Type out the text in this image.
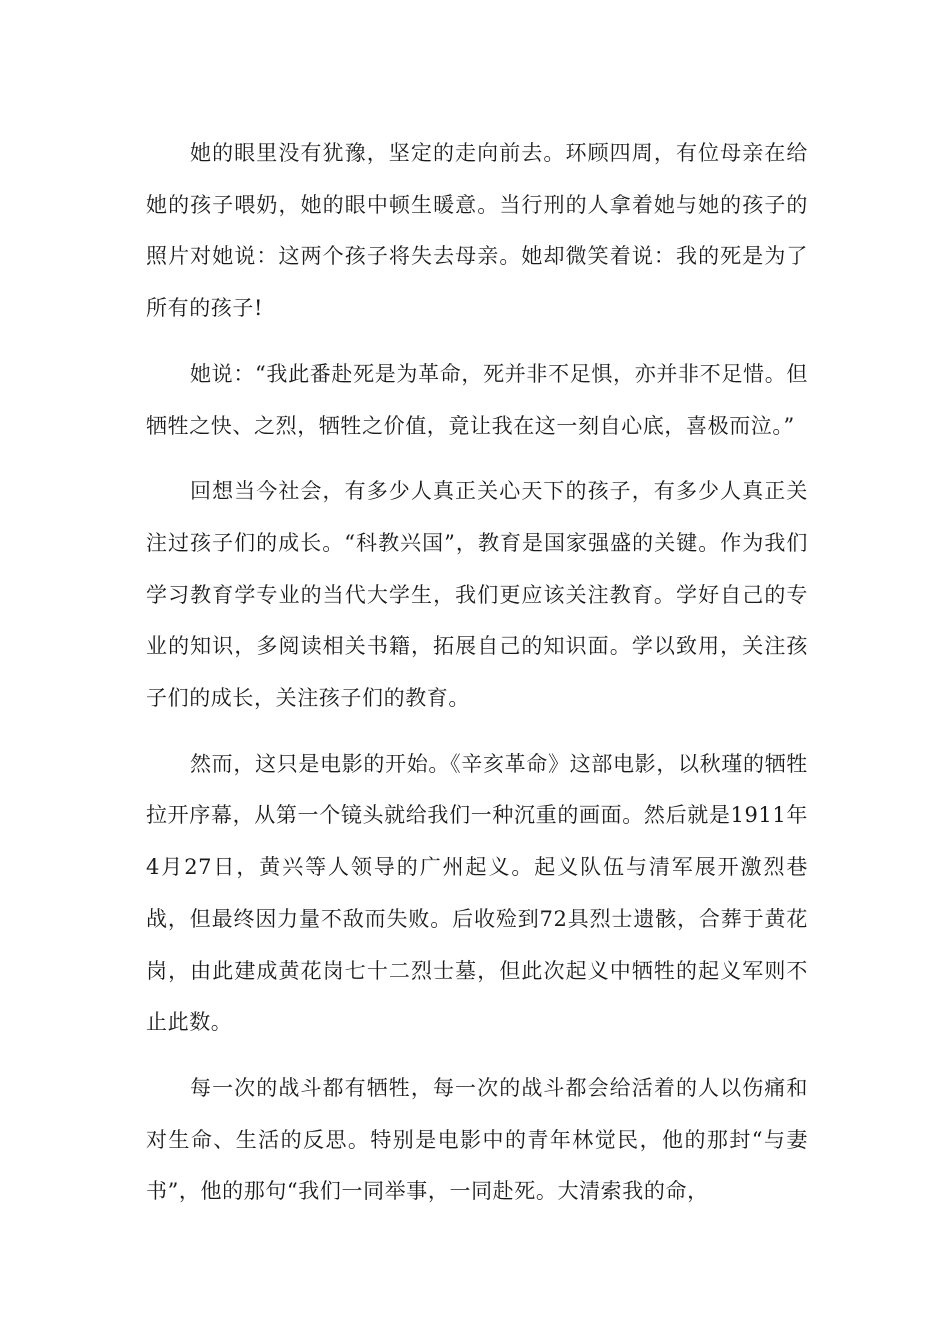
她的眼里没有犹豫，坚定的走向前去。环顾四周，有位母亲在给她的孩子喂奶，她的眼中顿生暖意。当行刑的人拿着她与她的孩子的照片对她说：这两个孩子将失去母亲。她却微笑着说：我的死是为了所有的孩子!

她说：“我此番赴死是为革命，死并非不足惧，亦并非不足惜。但牺牲之快、之烈，牺牲之价值，竟让我在这一刻自心底，喜极而泣。”

回想当今社会，有多少人真正关心天下的孩子，有多少人真正关注过孩子们的成长。“科教兴国”，教育是国家强盛的关键。作为我们学习教育学专业的当代大学生，我们更应该关注教育。学好自己的专业的知识，多阅读相关书籍，拓展自己的知识面。学以致用，关注孩子们的成长，关注孩子们的教育。

然而，这只是电影的开始。《辛亥革命》这部电影，以秋瑾的牺牲拉开序幕，从第一个镜头就给我们一种沉重的画面。然后就是1911年4月27日，黄兴等人领导的广州起义。起义队伍与清军展开激烈巷战，但最终因力量不敌而失败。后收殓到72具烈士遗骸，合葬于黄花岗，由此建成黄花岗七十二烈士墓，但此次起义中牺牲的起义军则不止此数。

每一次的战斗都有牺牲，每一次的战斗都会给活着的人以伤痛和对生命、生活的反思。特别是电影中的青年林觉民，他的那封“与妻书”，他的那句“我们一同举事，一同赴死。大清索我的命，
